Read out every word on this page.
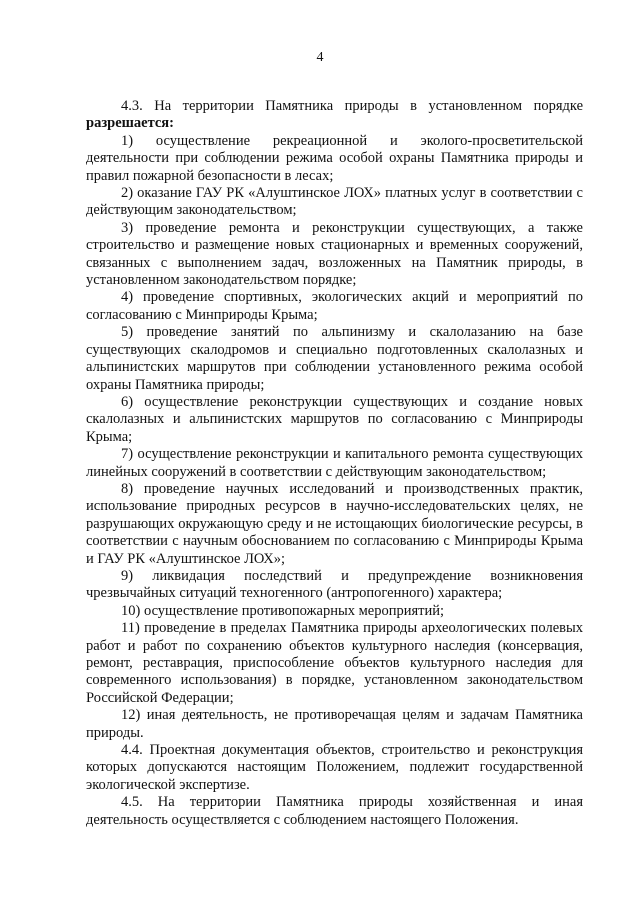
4

4.3. На территории Памятника природы в установленном порядке разрешается:

1) осуществление рекреационной и эколого-просветительской деятельности при соблюдении режима особой охраны Памятника природы и правил пожарной безопасности в лесах;

2) оказание ГАУ РК «Алуштинское ЛОХ» платных услуг в соответствии с действующим законодательством;

3) проведение ремонта и реконструкции существующих, а также строительство и размещение новых стационарных и временных сооружений, связанных с выполнением задач, возложенных на Памятник природы, в установленном законодательством порядке;

4) проведение спортивных, экологических акций и мероприятий по согласованию с Минприроды Крыма;

5) проведение занятий по альпинизму и скалолазанию на базе существующих скалодромов и специально подготовленных скалолазных и альпинистских маршрутов при соблюдении установленного режима особой охраны Памятника природы;

6) осуществление реконструкции существующих и создание новых скалолазных и альпинистских маршрутов по согласованию с Минприроды Крыма;

7) осуществление реконструкции и капитального ремонта существующих линейных сооружений в соответствии с действующим законодательством;

8) проведение научных исследований и производственных практик, использование природных ресурсов в научно-исследовательских целях, не разрушающих окружающую среду и не истощающих биологические ресурсы, в соответствии с научным обоснованием по согласованию с Минприроды Крыма и ГАУ РК «Алуштинское ЛОХ»;

9) ликвидация последствий и предупреждение возникновения чрезвычайных ситуаций техногенного (антропогенного) характера;

10) осуществление противопожарных мероприятий;

11) проведение в пределах Памятника природы археологических полевых работ и работ по сохранению объектов культурного наследия (консервация, ремонт, реставрация, приспособление объектов культурного наследия для современного использования) в порядке, установленном законодательством Российской Федерации;

12) иная деятельность, не противоречащая целям и задачам Памятника природы.

4.4. Проектная документация объектов, строительство и реконструкция которых допускаются настоящим Положением, подлежит государственной экологической экспертизе.

4.5. На территории Памятника природы хозяйственная и иная деятельность осуществляется с соблюдением настоящего Положения.
